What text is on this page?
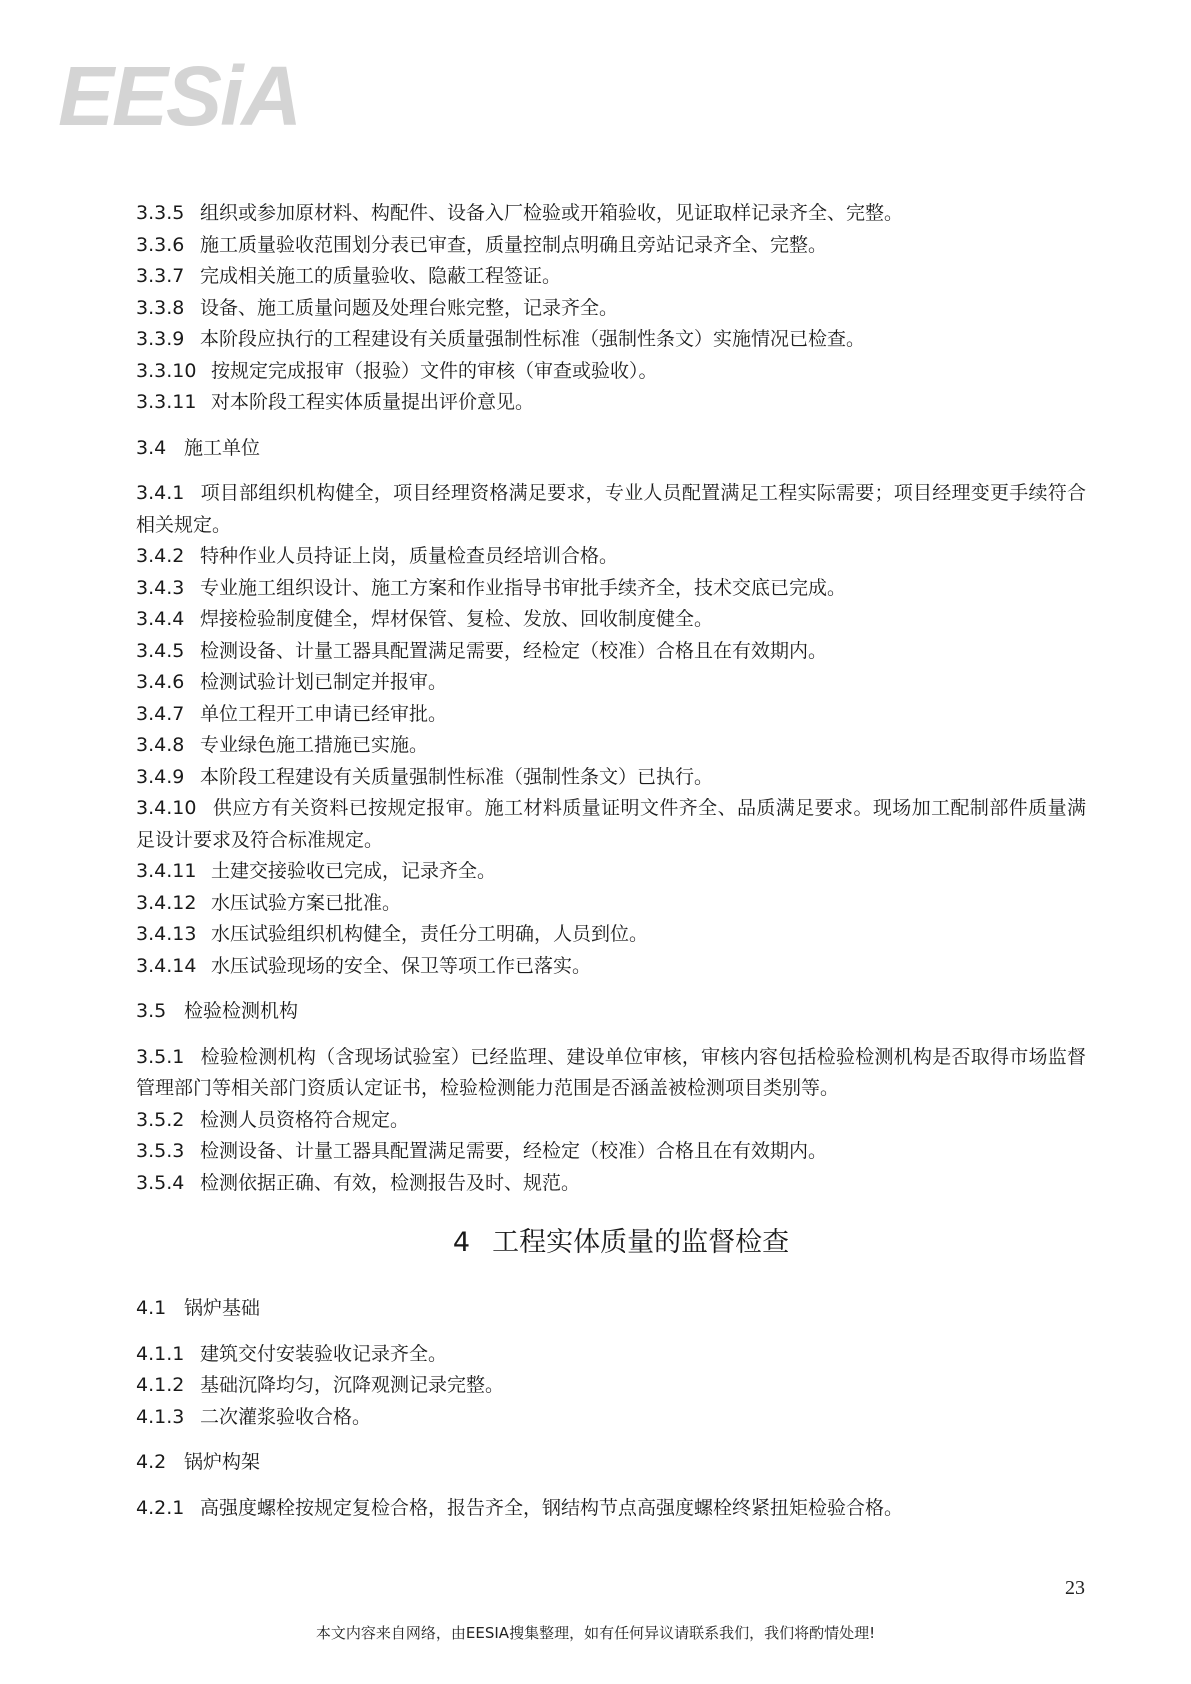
EESiA
3.3.5 组织或参加原材料、构配件、设备入厂检验或开箱验收，见证取样记录齐全、完整。
3.3.6 施工质量验收范围划分表已审查，质量控制点明确且旁站记录齐全、完整。
3.3.7 完成相关施工的质量验收、隐蔽工程签证。
3.3.8 设备、施工质量问题及处理台账完整，记录齐全。
3.3.9 本阶段应执行的工程建设有关质量强制性标准（强制性条文）实施情况已检查。
3.3.10 按规定完成报审（报验）文件的审核（审查或验收）。
3.3.11 对本阶段工程实体质量提出评价意见。
3.4 施工单位
3.4.1 项目部组织机构健全，项目经理资格满足要求，专业人员配置满足工程实际需要；项目经理变更手续符合相关规定。
3.4.2 特种作业人员持证上岗，质量检查员经培训合格。
3.4.3 专业施工组织设计、施工方案和作业指导书审批手续齐全，技术交底已完成。
3.4.4 焊接检验制度健全，焊材保管、复检、发放、回收制度健全。
3.4.5 检测设备、计量工器具配置满足需要，经检定（校准）合格且在有效期内。
3.4.6 检测试验计划已制定并报审。
3.4.7 单位工程开工申请已经审批。
3.4.8 专业绿色施工措施已实施。
3.4.9 本阶段工程建设有关质量强制性标准（强制性条文）已执行。
3.4.10 供应方有关资料已按规定报审。施工材料质量证明文件齐全、品质满足要求。现场加工配制部件质量满足设计要求及符合标准规定。
3.4.11 土建交接验收已完成，记录齐全。
3.4.12 水压试验方案已批准。
3.4.13 水压试验组织机构健全，责任分工明确，人员到位。
3.4.14 水压试验现场的安全、保卫等项工作已落实。
3.5 检验检测机构
3.5.1 检验检测机构（含现场试验室）已经监理、建设单位审核，审核内容包括检验检测机构是否取得市场监督管理部门等相关部门资质认定证书，检验检测能力范围是否涵盖被检测项目类别等。
3.5.2 检测人员资格符合规定。
3.5.3 检测设备、计量工器具配置满足需要，经检定（校准）合格且在有效期内。
3.5.4 检测依据正确、有效，检测报告及时、规范。
4 工程实体质量的监督检查
4.1 锅炉基础
4.1.1 建筑交付安装验收记录齐全。
4.1.2 基础沉降均匀，沉降观测记录完整。
4.1.3 二次灌浆验收合格。
4.2 锅炉构架
4.2.1 高强度螺栓按规定复检合格，报告齐全，钢结构节点高强度螺栓终紧扭矩检验合格。
23
本文内容来自网络，由EESIA搜集整理，如有任何异议请联系我们，我们将酌情处理!
